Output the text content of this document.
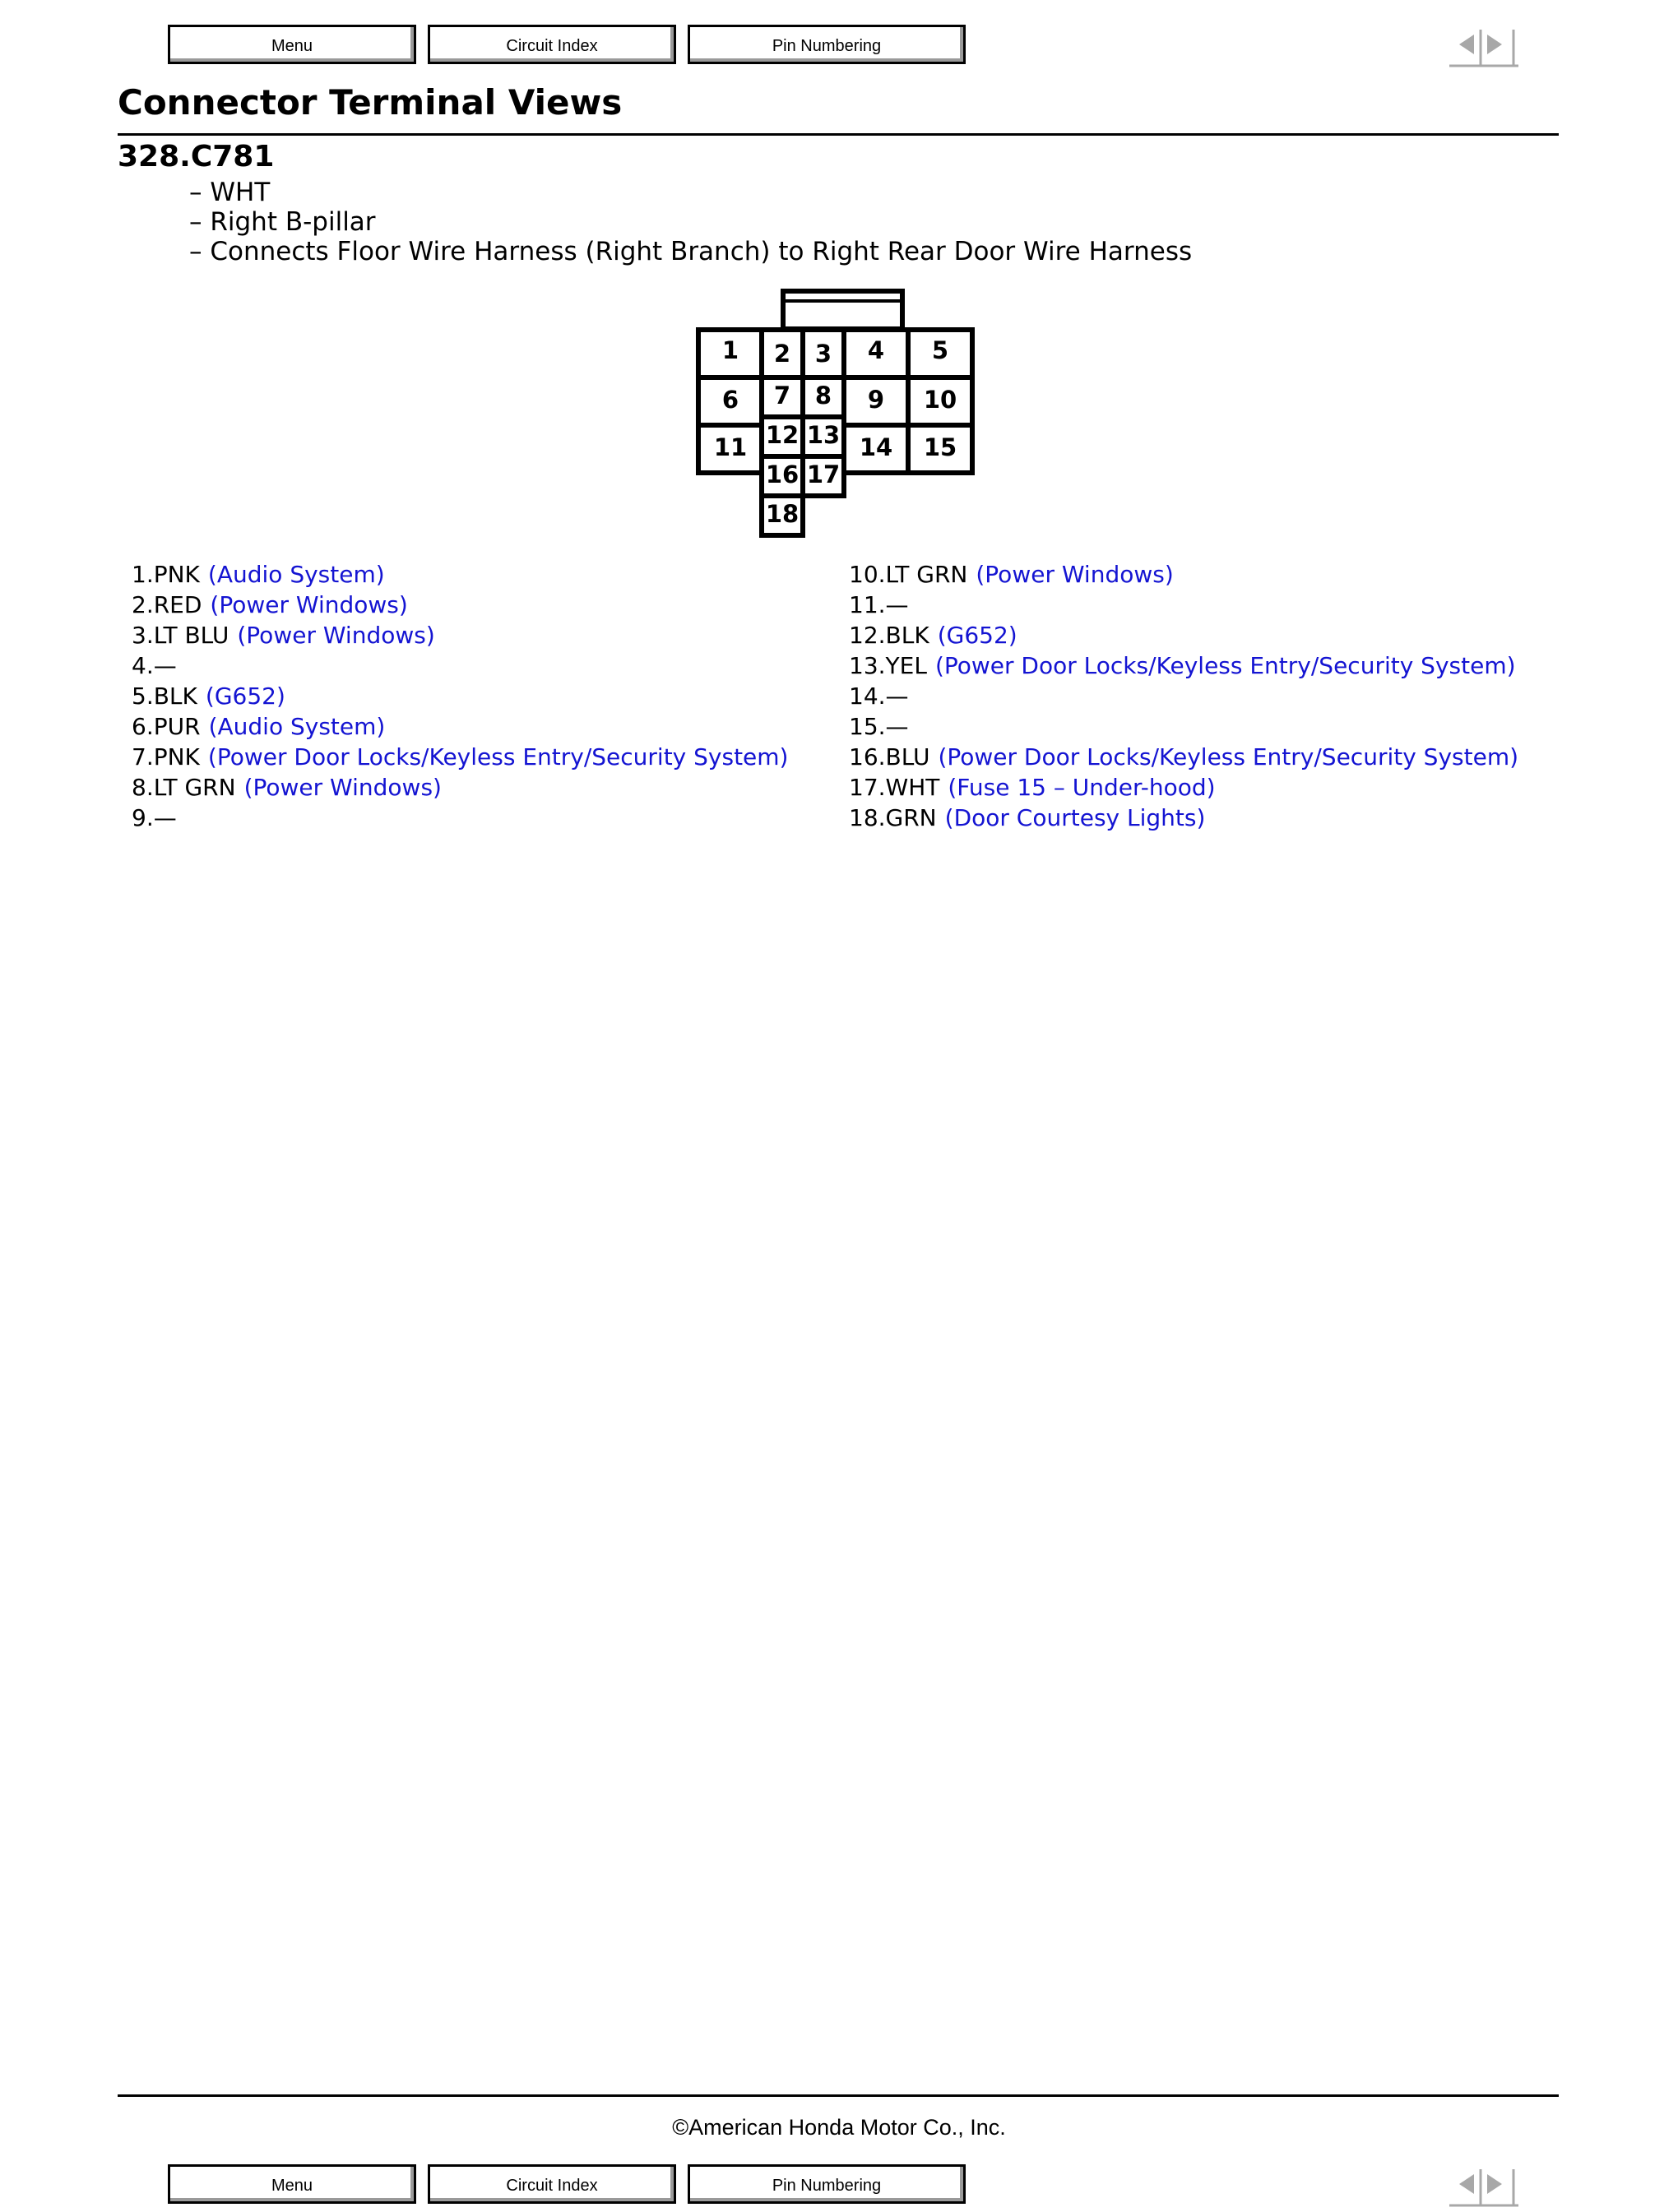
Menu	Circuit Index	Pin Numbering
Connector Terminal Views
328.C781
– WHT
– Right B-pillar
– Connects Floor Wire Harness (Right Branch) to Right Rear Door Wire Harness
1 2 3 4 5
6 7 8 9 10
11 12 13 14 15
16 17
18
1.PNK (Audio System)
2.RED (Power Windows)
3.LT BLU (Power Windows)
4.—
5.BLK (G652)
6.PUR (Audio System)
7.PNK (Power Door Locks/Keyless Entry/Security System)
8.LT GRN (Power Windows)
9.—
10.LT GRN (Power Windows)
11.—
12.BLK (G652)
13.YEL (Power Door Locks/Keyless Entry/Security System)
14.—
15.—
16.BLU (Power Door Locks/Keyless Entry/Security System)
17.WHT (Fuse 15 – Under-hood)
18.GRN (Door Courtesy Lights)
©American Honda Motor Co., Inc.
Menu	Circuit Index	Pin Numbering
